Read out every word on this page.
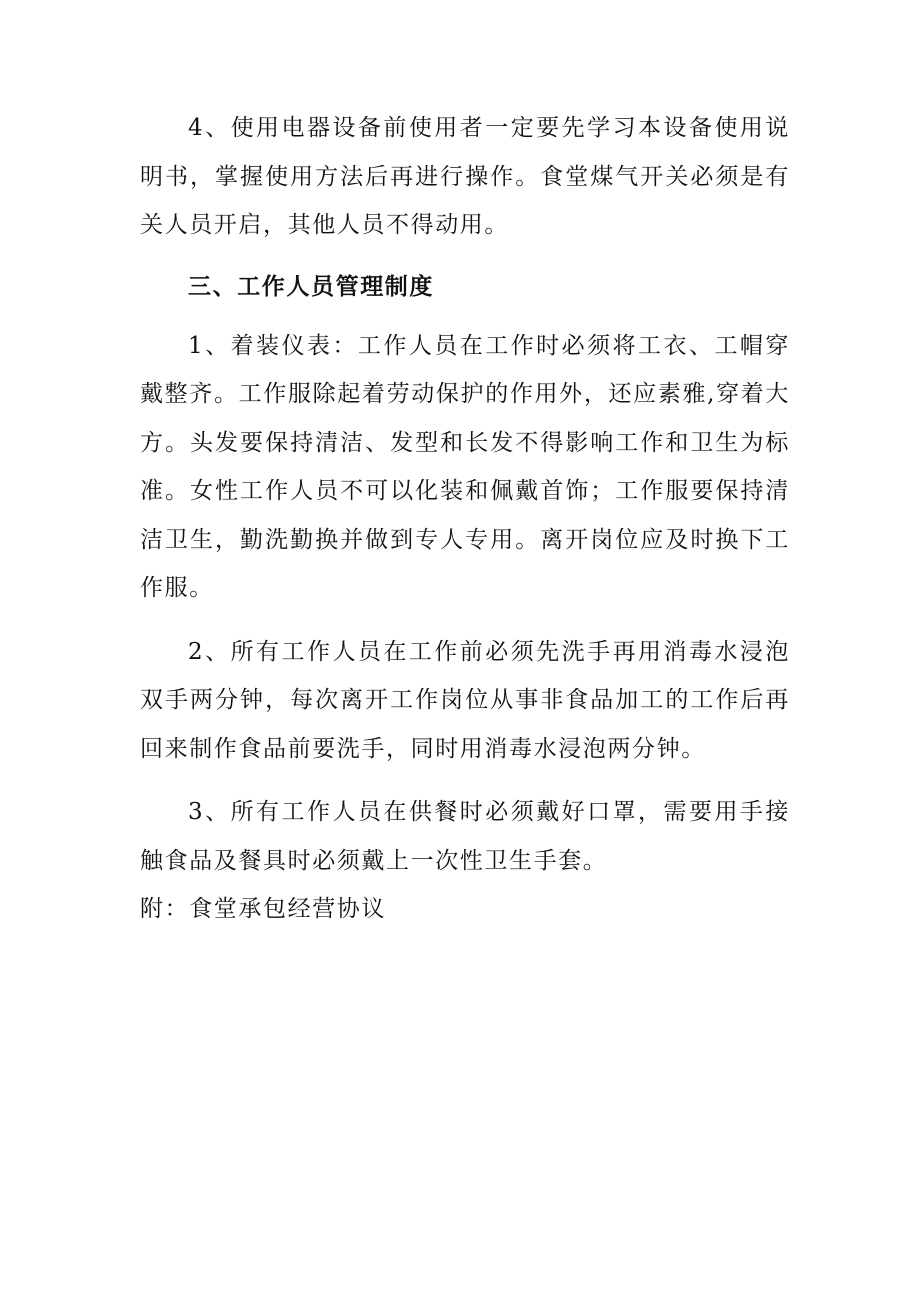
4、使用电器设备前使用者一定要先学习本设备使用说明书，掌握使用方法后再进行操作。食堂煤气开关必须是有关人员开启，其他人员不得动用。

三、工作人员管理制度

1、着装仪表：工作人员在工作时必须将工衣、工帽穿戴整齐。工作服除起着劳动保护的作用外，还应素雅,穿着大方。头发要保持清洁、发型和长发不得影响工作和卫生为标准。女性工作人员不可以化装和佩戴首饰；工作服要保持清洁卫生，勤洗勤换并做到专人专用。离开岗位应及时换下工作服。

2、所有工作人员在工作前必须先洗手再用消毒水浸泡双手两分钟，每次离开工作岗位从事非食品加工的工作后再回来制作食品前要洗手，同时用消毒水浸泡两分钟。

3、所有工作人员在供餐时必须戴好口罩，需要用手接触食品及餐具时必须戴上一次性卫生手套。

附：食堂承包经营协议
